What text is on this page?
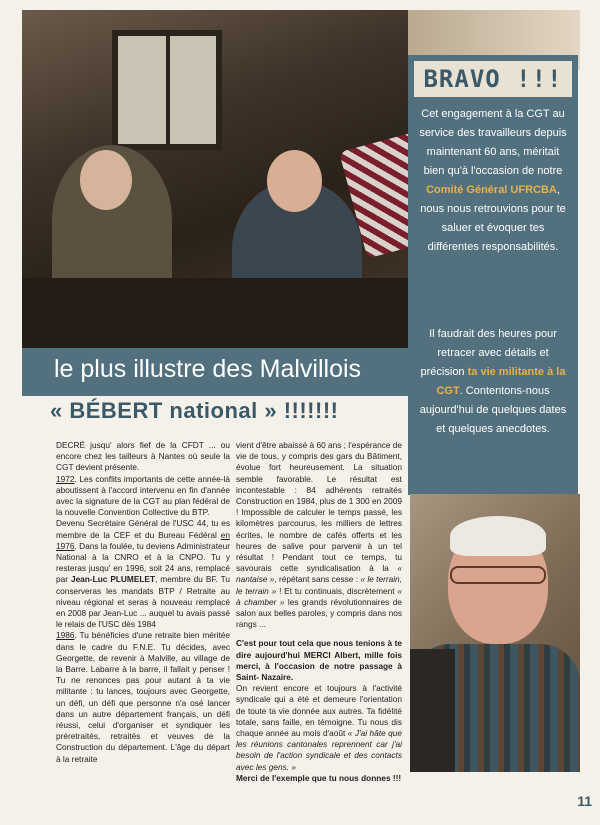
BRAVO !!!
Cet engagement à la CGT au service des travailleurs depuis maintenant 60 ans, méritait bien qu'à l'occasion de notre Comité Général UFRCBA, nous nous retrouvions pour te saluer et évoquer tes différentes responsabilités.
Il faudrait des heures pour retracer avec détails et précision ta vie militante à la CGT. Contentons-nous aujourd'hui de quelques dates et quelques anecdotes.
le plus illustre des Malvillois
« BÉBERT national » !!!!!!!

DECRÉ jusqu' alors fief de la CFDT ... ou encore chez les tailleurs à Nantes où seule la CGT devient présente.

1972. Les conflits importants de cette année-là aboutissent à l'accord intervenu en fin d'année avec la signature de la CGT au plan fédéral de la nouvelle Convention Collective du BTP.

Devenu Secrétaire Général de l'USC 44, tu es membre de la CEF et du Bureau Fédéral en 1976. Dans la foulée, tu deviens Administrateur National à la CNRO et à la CNPO. Tu y resteras jusqu' en 1996, soit 24 ans, remplacé par Jean-Luc PLUMELET, membre du BF. Tu conserveras les mandats BTP / Retraite au niveau régional et seras à nouveau remplacé en 2008 par Jean-Luc ... auquel tu avais passé le relais de l'USC dès 1984

1986. Tu bénéficies d'une retraite bien méritée dans le cadre du F.N.E. Tu décides, avec Georgette, de revenir à Malville, au village de la Barre. Labarre à la barre, il fallait y penser ! Tu ne renonces pas pour autant à ta vie militante : tu lances, toujours avec Georgette, un défi, un défi que personne n'a osé lancer dans un autre département français, un défi réussi, celui d'organiser et syndiquer les préretraités, retraités et veuves de la Construction du département. L'âge du départ à la retraite

vient d'être abaissé à 60 ans ; l'espérance de vie de tous, y compris des gars du Bâtiment, évolue fort heureusement. La situation semble favorable. Le résultat est incontestable : 84 adhérents retraités Construction en 1984, plus de 1 300 en 2009 ! Impossible de calculer le temps passé, les kilomètres parcourus, les milliers de lettres écrites, le nombre de cafés offerts et les heures de salive pour parvenir à un tel résultat ! Pendant tout ce temps, tu savourais cette syndicalisation à la « nantaise », répétant sans cesse : « le terrain, le terrain » ! Et tu continuais, discrètement « à chamber » les grands révolutionnaires de salon aux belles paroles, y compris dans nos rangs ...

C'est pour tout cela que nous tenions à te dire aujourd'hui MERCI Albert, mille fois merci, à l'occasion de notre passage à Saint- Nazaire.

On revient encore et toujours à l'activité syndicale qui a été et demeure l'orientation de toute ta vie donnée aux autres. Ta fidélité totale, sans faille, en témoigne. Tu nous dis chaque année au mois d'août « J'ai hâte que les réunions cantonales reprennent car j'ai besoin de l'action syndicale et des contacts avec les gens. »

Merci de l'exemple que tu nous donnes !!!

11
